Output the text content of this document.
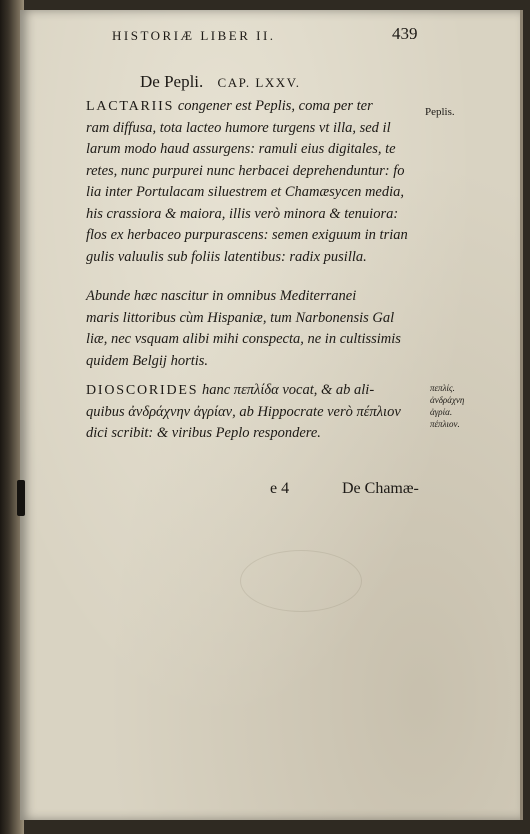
HISTORIÆ LIBER II.	439
De Pepli. CAP. LXXV.
Peplis.
LACTARIIS congener est Peplis, coma per ter
ram diffusa, tota lacteo humore turgens vt illa, sed il
larum modo haud assurgens: ramuli eius digitales, te
retes, nunc purpurei nunc herbacei deprehenduntur: fo
lia inter Portulacam siluestrem et Chamæsycen media,
his crassiora & maiora, illis verò minora & tenuiora:
flos ex herbaceo purpurascens: semen exiguum in trian
gulis valuulis sub foliis latentibus: radix pusilla.
Abunde hæc nascitur in omnibus Mediterranei
maris littoribus cùm Hispaniæ, tum Narbonensis Gal
liæ, nec vsquam alibi mihi conspecta, ne in cultissimis
quidem Belgij hortis.
DIOSCORIDES hanc πεπλίδα vocat, & ab ali-
quibus ἀνδράχνην ἀγρίαν, ab Hippocrate verò πέπλιον
dici scribit: & viribus Peplo respondere.
πεπλίς.
ἀνδράχνη
ἀγρία.
πέπλιον.
e 4	De Chamæ-
